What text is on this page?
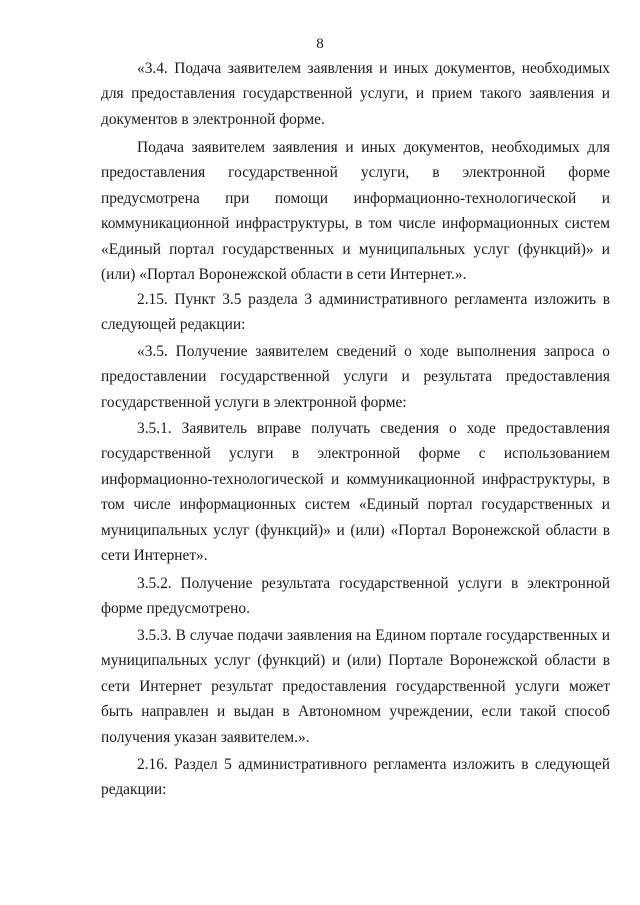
8

«3.4. Подача заявителем заявления и иных документов, необходимых для предоставления государственной услуги, и прием такого заявления и документов в электронной форме.

Подача заявителем заявления и иных документов, необходимых для предоставления государственной услуги, в электронной форме предусмотрена при помощи информационно-технологической и коммуникационной инфраструктуры, в том числе информационных систем «Единый портал государственных и муниципальных услуг (функций)» и (или) «Портал Воронежской области в сети Интернет.».

2.15. Пункт 3.5 раздела 3 административного регламента изложить в следующей редакции:

«3.5. Получение заявителем сведений о ходе выполнения запроса о предоставлении государственной услуги и результата предоставления государственной услуги в электронной форме:

3.5.1. Заявитель вправе получать сведения о ходе предоставления государственной услуги в электронной форме с использованием информационно-технологической и коммуникационной инфраструктуры, в том числе информационных систем «Единый портал государственных и муниципальных услуг (функций)» и (или) «Портал Воронежской области в сети Интернет».

3.5.2. Получение результата государственной услуги в электронной форме предусмотрено.

3.5.3. В случае подачи заявления на Едином портале государственных и муниципальных услуг (функций) и (или) Портале Воронежской области в сети Интернет результат предоставления государственной услуги может быть направлен и выдан в Автономном учреждении, если такой способ получения указан заявителем.».

2.16. Раздел 5 административного регламента изложить в следующей редакции:
